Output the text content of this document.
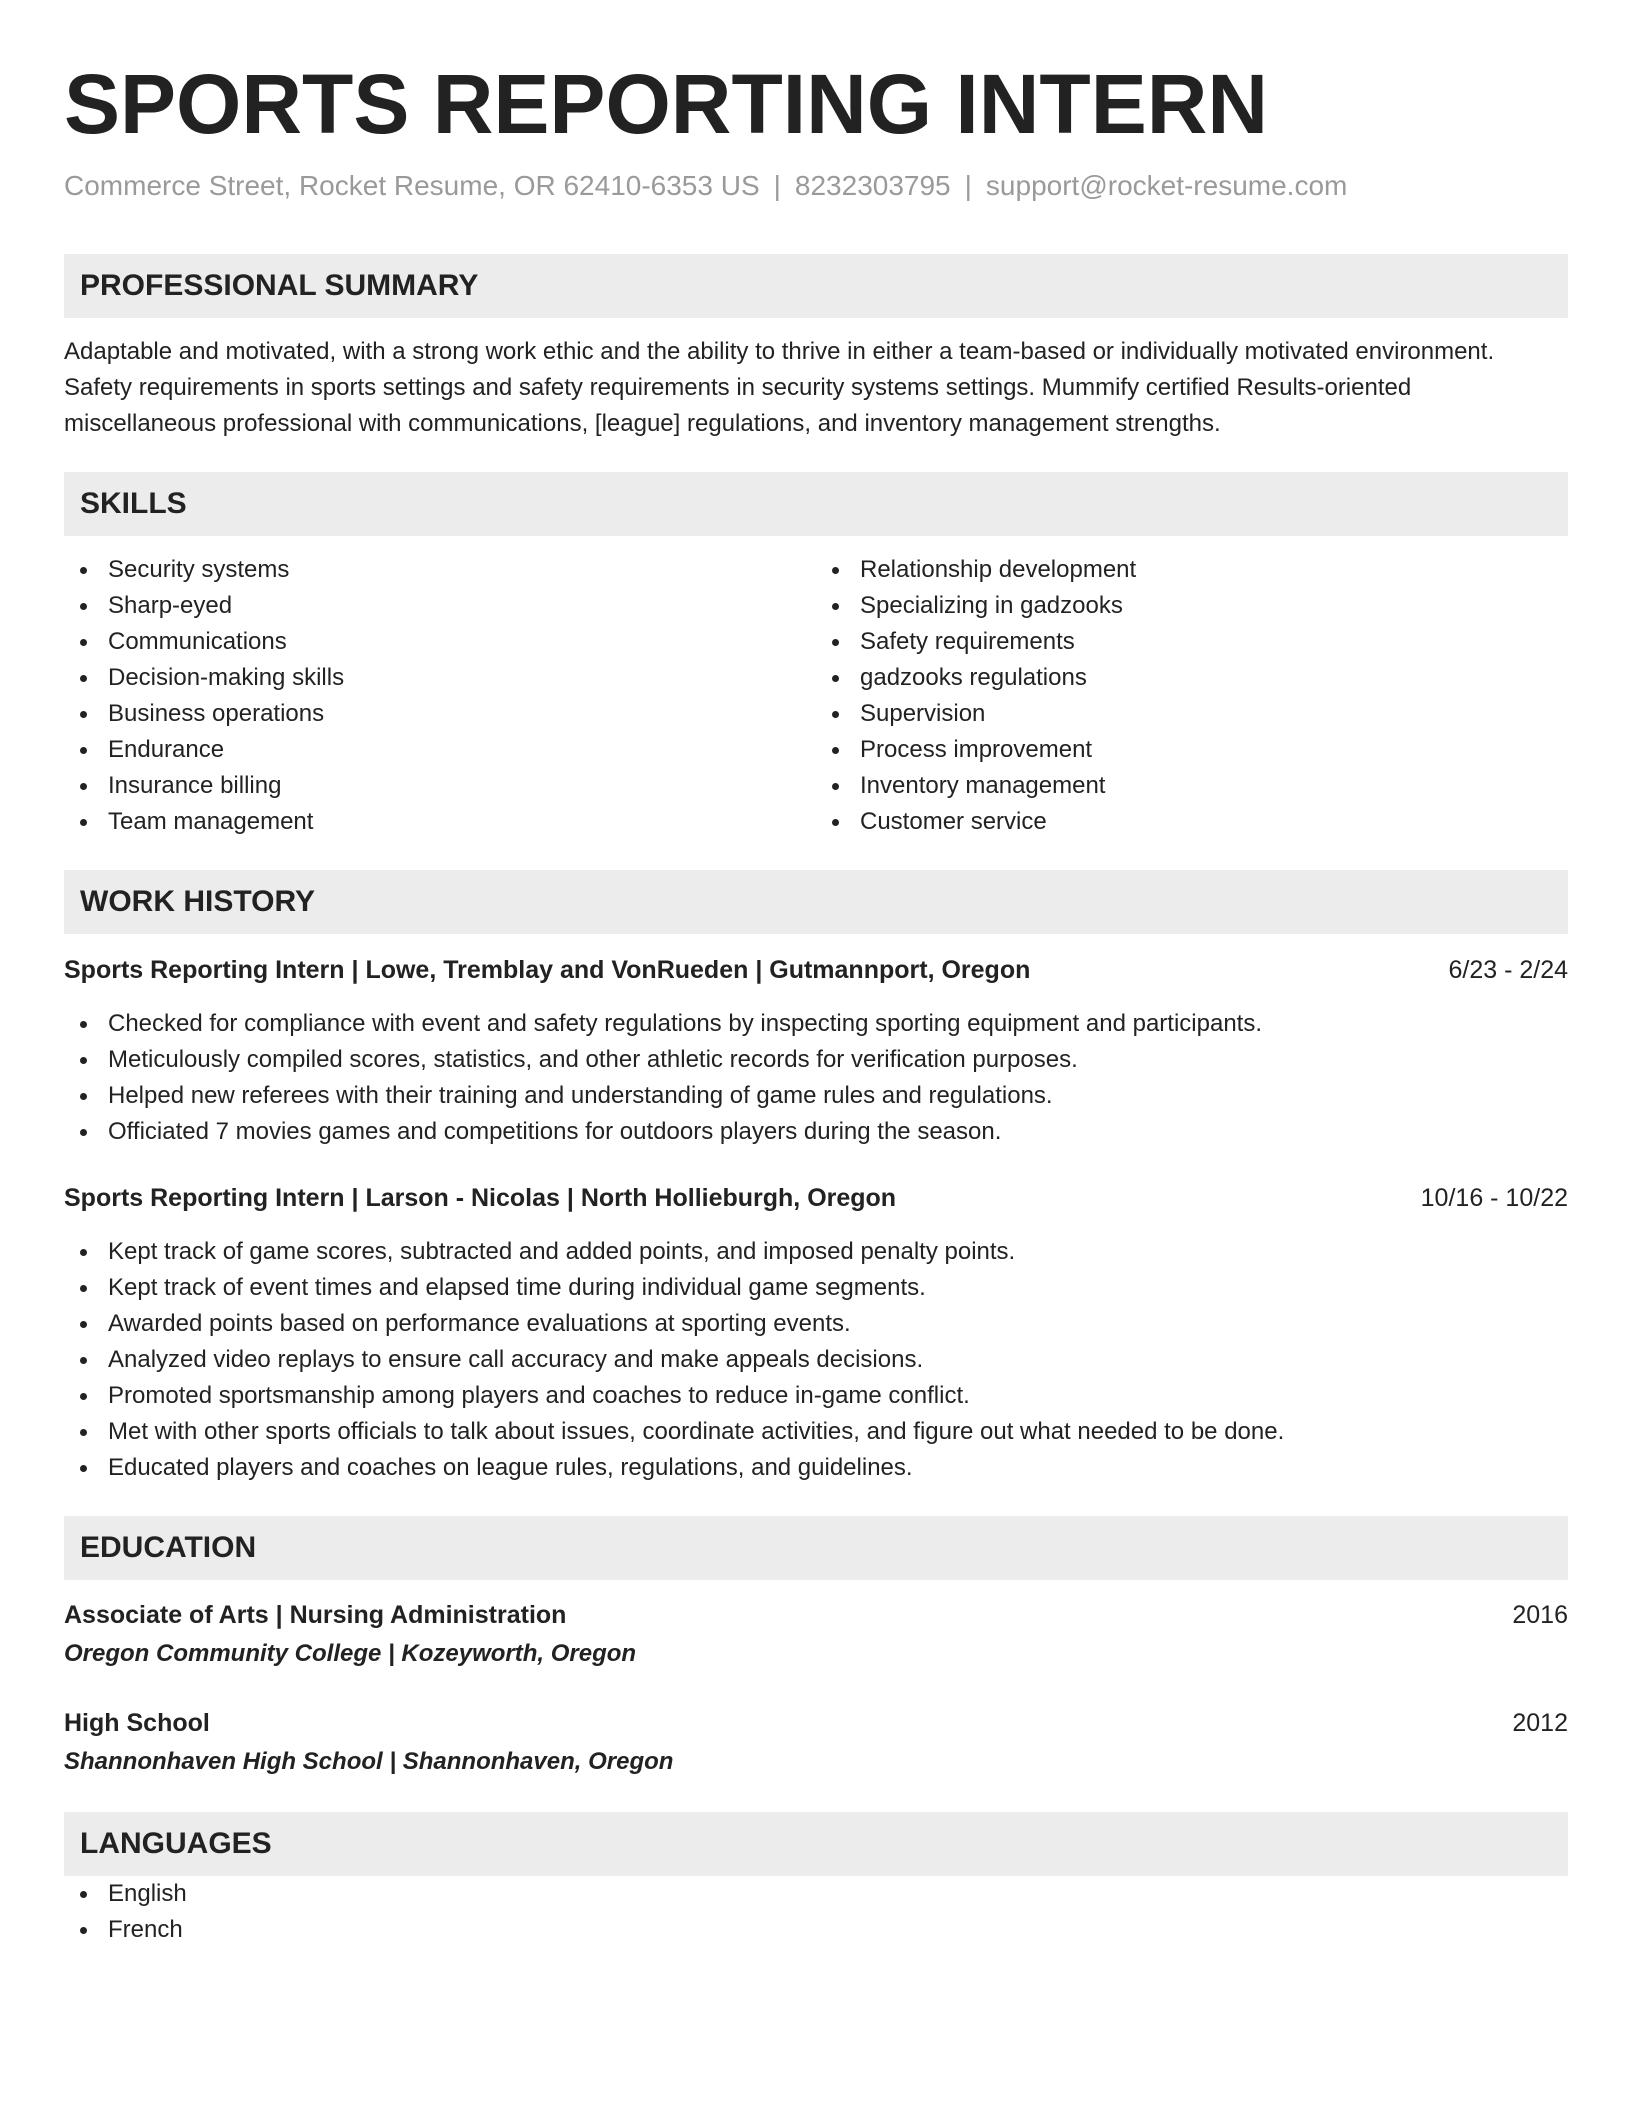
SPORTS REPORTING INTERN
Commerce Street, Rocket Resume, OR 62410-6353 US | 8232303795 | support@rocket-resume.com
PROFESSIONAL SUMMARY
Adaptable and motivated, with a strong work ethic and the ability to thrive in either a team-based or individually motivated environment. Safety requirements in sports settings and safety requirements in security systems settings. Mummify certified Results-oriented miscellaneous professional with communications, [league] regulations, and inventory management strengths.
SKILLS
Security systems
Sharp-eyed
Communications
Decision-making skills
Business operations
Endurance
Insurance billing
Team management
Relationship development
Specializing in gadzooks
Safety requirements
gadzooks regulations
Supervision
Process improvement
Inventory management
Customer service
WORK HISTORY
Sports Reporting Intern | Lowe, Tremblay and VonRueden | Gutmannport, Oregon	6/23 - 2/24
Checked for compliance with event and safety regulations by inspecting sporting equipment and participants.
Meticulously compiled scores, statistics, and other athletic records for verification purposes.
Helped new referees with their training and understanding of game rules and regulations.
Officiated 7 movies games and competitions for outdoors players during the season.
Sports Reporting Intern | Larson - Nicolas | North Hollieburgh, Oregon	10/16 - 10/22
Kept track of game scores, subtracted and added points, and imposed penalty points.
Kept track of event times and elapsed time during individual game segments.
Awarded points based on performance evaluations at sporting events.
Analyzed video replays to ensure call accuracy and make appeals decisions.
Promoted sportsmanship among players and coaches to reduce in-game conflict.
Met with other sports officials to talk about issues, coordinate activities, and figure out what needed to be done.
Educated players and coaches on league rules, regulations, and guidelines.
EDUCATION
Associate of Arts | Nursing Administration	2016
Oregon Community College | Kozeyworth, Oregon
High School	2012
Shannonhaven High School | Shannonhaven, Oregon
LANGUAGES
English
French
